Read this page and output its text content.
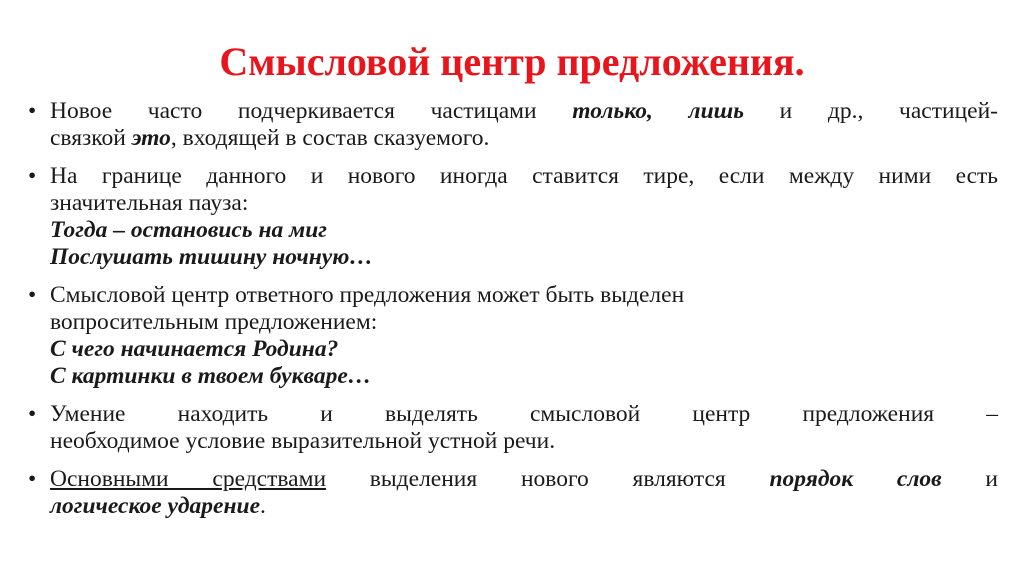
Смысловой центр предложения.
• Новое часто подчеркивается частицами только, лишь и др., частицей-
связкой это, входящей в состав сказуемого.
• На границе данного и нового иногда ставится тире, если между ними есть
значительная пауза:
Тогда – остановись на миг
Послушать тишину ночную…
• Смысловой центр ответного предложения может быть выделен
вопросительным предложением:
С чего начинается Родина?
С картинки в твоем букваре…
• Умение находить и выделять смысловой центр предложения –
необходимое условие выразительной устной речи.
• Основными средствами выделения нового являются порядок слов и
логическое ударение.
